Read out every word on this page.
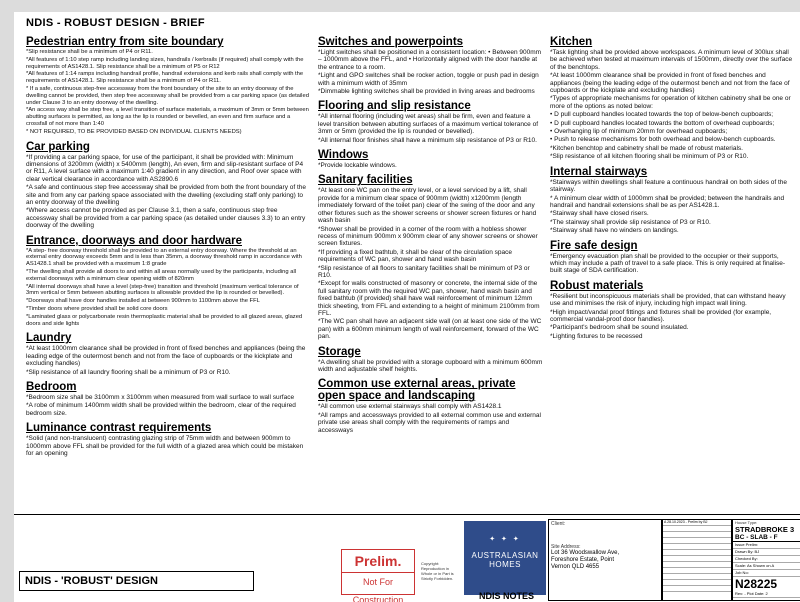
NDIS - ROBUST DESIGN - BRIEF
Pedestrian entry from site boundary
*Slip resistance shall be a minimum of P4 or R11.
*All features of 1:10 step ramp including landing sizes, handrails / kerbrails (if required) shall comply with the requirements of AS1428.1. Slip resistance shall be a minimum of P5 or R12
*All features of 1:14 ramps including handrail profile, handrail extensions and kerb rails shall comply with the requirements of AS1428.1. Slip resistance shall be a minimum of P4 or R11.
* If a safe, continuous step-free accessway from the front boundary of the site to an entry doorway of the dwelling cannot be provided, then step free accessway shall be provided from a car parking space (as detailed under Clause 3 to an entry doorway of the dwelling.
*An access way shall be step free, a level transition of surface materials, a maximum of 3mm or 5mm between abutting surfaces is permitted, as long as the lip is rounded or bevelled, an even and firm surface and a crossfall of not more than 1:40
* NOT REQUIRED, TO BE PROVIDED BASED ON INDIVIDUAL CLIENTS NEEDS)
Car parking
*If providing a car parking space, for use of the participant, it shall be provided with: Minimum dimensions of 3200mm (width) x 5400mm (length), An even, firm and slip-resistant surface of P4 or R11, A level surface with a maximum 1:40 gradient in any direction, and Roof over space with clear vertical clearance in accordance with AS2890.6
*A safe and continuous step free accessway shall be provided from both the front boundary of the site and from any car parking space associated with the dwelling (excluding staff only parking) to an entry doorway of the dwelling
*Where access cannot be provided as per Clause 3.1, then a safe, continuous step free accessway shall be provided from a car parking space (as detailed under clauses 3.3) to an entry doorway of the dwelling
Entrance, doorways and door hardware
*A step- free doorway threshold shall be provided to an external entry doorway. Where the threshold at an external entry doorway exceeds 5mm and is less than 35mm, a doorway threshold ramp in accordance with AS1428.1 shall be provided with a maximum 1:8 grade
*The dwelling shall provide all doors to and within all areas normally used by the participants, including all external doorways with a minimum clear opening width of 820mm
*All internal doorways shall have a level (step-free) transition and threshold (maximum vertical tolerance of 3mm vertical or 5mm between abutting surfaces is allowable provided the lip is rounded or bevelled).
*Doorways shall have door handles installed at between 900mm to 1100mm above the FFL
*Timber doors where provided shall be solid core doors
*Laminated glass or polycarbonate resin thermoplastic material shall be provided to all glazed areas, glazed doors and side lights
Laundry
*At least 1000mm clearance shall be provided in front of fixed benches and appliances (being the leading edge of the outermost bench and not from the face of cupboards or the kickplate and excluding handles)
*Slip resistance of all laundry flooring shall be a minimum of P3 or R10.
Bedroom
*Bedroom size shall be 3100mm x 3100mm when measured from wall surface to wall surface
*A robe of minimum 1400mm width shall be provided within the bedroom, clear of the required bedroom size.
Luminance contrast requirements
*Solid (and non-translucent) contrasting glazing strip of 75mm width and between 900mm to 1000mm above FFL shall be provided for the full width of a glazed area which could be mistaken for an opening
Switches and powerpoints
*Light switches shall be positioned in a consistent location: • Between 900mm – 1000mm above the FFL, and • Horizontally aligned with the door handle at the entrance to a room.
*Light and GPO switches shall be rocker action, toggle or push pad in design with a minimum width of 35mm
*Dimmable lighting switches shall be provided in living areas and bedrooms
Flooring and slip resistance
*All internal flooring (including wet areas) shall be firm, even and feature a level transition between abutting surfaces of a maximum vertical tolerance of 3mm or 5mm (provided the lip is rounded or bevelled).
*All internal floor finishes shall have a minimum slip resistance of P3 or R10.
Windows
*Provide lockable windows.
Sanitary facilities
*At least one WC pan on the entry level, or a level serviced by a lift, shall provide for a minimum clear space of 900mm (width) x1200mm (length immediately forward of the toilet pan) clear of the swing of the door and any other fixtures such as the shower screens or shower screen fixtures or hand wash basin
*Shower shall be provided in a corner of the room with a hobless shower recess of minimum 900mm x 900mm clear of any shower screens or shower screen fixtures.
*If providing a fixed bathtub, it shall be clear of the circulation space requirements of WC pan, shower and hand wash basin
*Slip resistance of all floors to sanitary facilities shall be minimum of P3 or R10.
*Except for walls constructed of masonry or concrete, the internal side of the full sanitary room with the required WC pan, shower, hand wash basin and fixed bathtub (if provided) shall have wall reinforcement of minimum 12mm thick sheeting, from FFL and extending to a height of minimum 2100mm from FFL.
*The WC pan shall have an adjacent side wall (on at least one side of the WC pan) with a 600mm minimum length of wall reinforcement, forward of the WC pan.
Storage
*A dwelling shall be provided with a storage cupboard with a minimum 600mm width and adjustable shelf heights.
Common use external areas, private open space and landscaping
*All common use external stairways shall comply with AS1428.1
*All ramps and accessways provided to all external common use and external private use areas shall comply with the requirements of ramps and accessways
Kitchen
*Task lighting shall be provided above workspaces. A minimum level of 300lux shall be achieved when tested at maximum intervals of 1500mm, directly over the surface of the benchtops.
*At least 1000mm clearance shall be provided in front of fixed benches and appliances (being the leading edge of the outermost bench and not from the face of cupboards or the kickplate and excluding handles)
*Types of appropriate mechanisms for operation of kitchen cabinetry shall be one or more of the options as noted below:
• D pull cupboard handles located towards the top of below-bench cupboards;
• D pull cupboard handles located towards the bottom of overhead cupboards;
• Overhanging lip of minimum 20mm for overhead cupboards;
• Push to release mechanisms for both overhead and below-bench cupboards.
*Kitchen benchtop and cabinetry shall be made of robust materials.
*Slip resistance of all kitchen flooring shall be minimum of P3 or R10.
Internal stairways
*Stairways within dwellings shall feature a continuous handrail on both sides of the stairway.
* A minimum clear width of 1000mm shall be provided; between the handrails and handrail and handrail extensions shall be as per AS1428.1.
*Stairway shall have closed risers.
*The stairway shall provide slip resistance of P3 or R10.
*Stairway shall have no winders on landings.
Fire safe design
*Emergency evacuation plan shall be provided to the occupier or their supports, which may include a path of travel to a safe place. This is only required at finalise-built stage of SDA certification.
Robust materials
*Resilient but inconspicuous materials shall be provided, that can withstand heavy use and minimises the risk of injury, including high impact wall lining.
*High impact/vandal proof fittings and fixtures shall be provided (for example, commercial vandal-proof door handles).
*Participant's bedroom shall be sound insulated.
*Lighting fixtures to be recessed
NDIS - 'ROBUST' DESIGN
Prelim.
Not For Construction
Copyright: Reproduction in Whole or in Part is Strictly Forbidden.
✦ ✦ ✦
AUSTRALASIAN HOMES
NDIS NOTES
Client:
Site Address:
Lot 36 Woodswallow Ave,
Foreshore Estate, Point
Vernon QLD 4655
A 28.10.2023 - Prelim by BJ	House Type:
STRADBROKE 3
BC - SLAB - F
Issue Prelim:
Drawn By: BJ
Checked By:
Scale: As Shown on A
Job No:
N28225
Rev: - Plot Date: 2
